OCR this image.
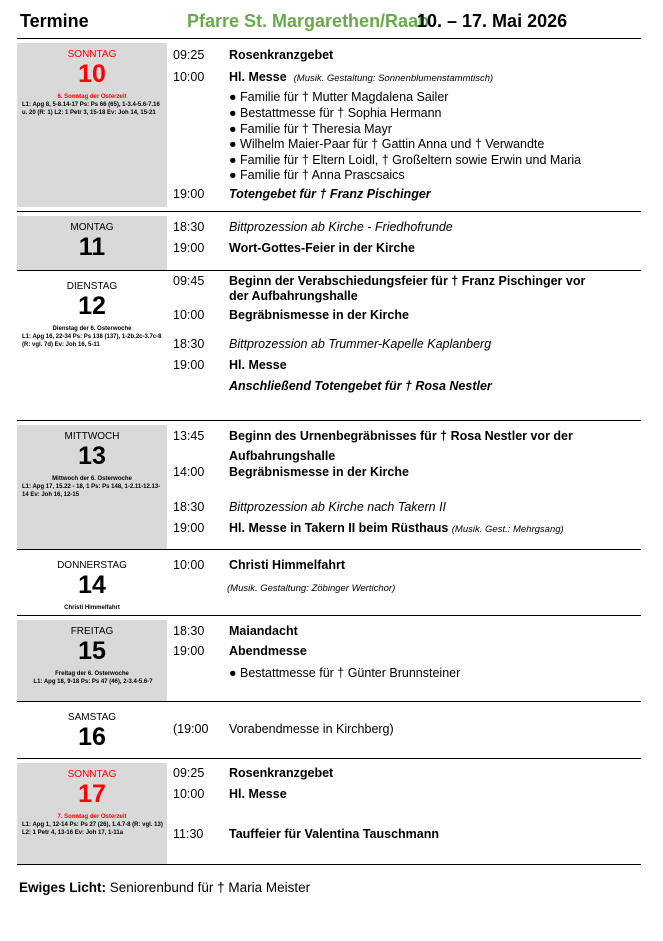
Termine	Pfarre St. Margarethen/Raab
10. – 17. Mai 2026
SONNTAG
10
6. Sonntag der Osterzeit
L1: Apg 8, 5-8.14-17 Ps: Ps 66 (65), 1-3.4-5.6-7.16 u. 20 (R: 1) L2: 1 Petr 3, 15-18 Ev: Joh 14, 15-21
09:25 Rosenkranzgebet
10:00 Hl. Messe (Musik. Gestaltung: Sonnenblumenstammtisch)
● Familie für † Mutter Magdalena Sailer
● Bestattmesse für † Sophia Hermann
● Familie für † Theresia Mayr
● Wilhelm Maier-Paar für † Gattin Anna und † Verwandte
● Familie für † Eltern Loidl, † Großeltern sowie Erwin und Maria
● Familie für † Anna Prascsaics
19:00 Totengebet für † Franz Pischinger
MONTAG
11
18:30 Bittprozession ab Kirche - Friedhofrunde
19:00 Wort-Gottes-Feier in der Kirche
DIENSTAG
12
Dienstag der 6. Osterwoche
L1: Apg 16, 22-34 Ps: Ps 138 (137), 1-2b.2c-3.7c-8 (R: vgl. 7d) Ev: Joh 16, 5-11
09:45 Beginn der Verabschiedungsfeier für † Franz Pischinger vor
der Aufbahrungshalle
10:00 Begräbnismesse in der Kirche
18:30 Bittprozession ab Trummer-Kapelle Kaplanberg
19:00 Hl. Messe
Anschließend Totengebet für † Rosa Nestler
MITTWOCH
13
Mittwoch der 6. Osterwoche
L1: Apg 17, 15.22 - 18, 1 Ps: Ps 148, 1-2.11-12.13-14 Ev: Joh 16, 12-15
13:45 Beginn des Urnenbegräbnisses für † Rosa Nestler vor der
Aufbahrungshalle
14:00 Begräbnismesse in der Kirche
18:30 Bittprozession ab Kirche nach Takern II
19:00 Hl. Messe in Takern II beim Rüsthaus (Musik. Gest.: Mehrgsang)
DONNERSTAG
14
Christi Himmelfahrt
10:00 Christi Himmelfahrt
(Musik. Gestaltung: Zöbinger Wertichor)
FREITAG
15
Freitag der 6. Osterwoche
L1: Apg 18, 9-18 Ps: Ps 47 (46), 2-3.4-5.6-7
18:30 Maiandacht
19:00 Abendmesse
● Bestattmesse für † Günter Brunnsteiner
SAMSTAG
16	(19:00 Vorabendmesse in Kirchberg)
SONNTAG
17
7. Sonntag der Osterzeit
L1: Apg 1, 12-14 Ps: Ps 27 (26), 1.4.7-8 (R: vgl. 13) L2: 1 Petr 4, 13-16 Ev: Joh 17, 1-11a
09:25 Rosenkranzgebet
10:00 Hl. Messe
11:30 Tauffeier für Valentina Tauschmann
Ewiges Licht: Seniorenbund für † Maria Meister
